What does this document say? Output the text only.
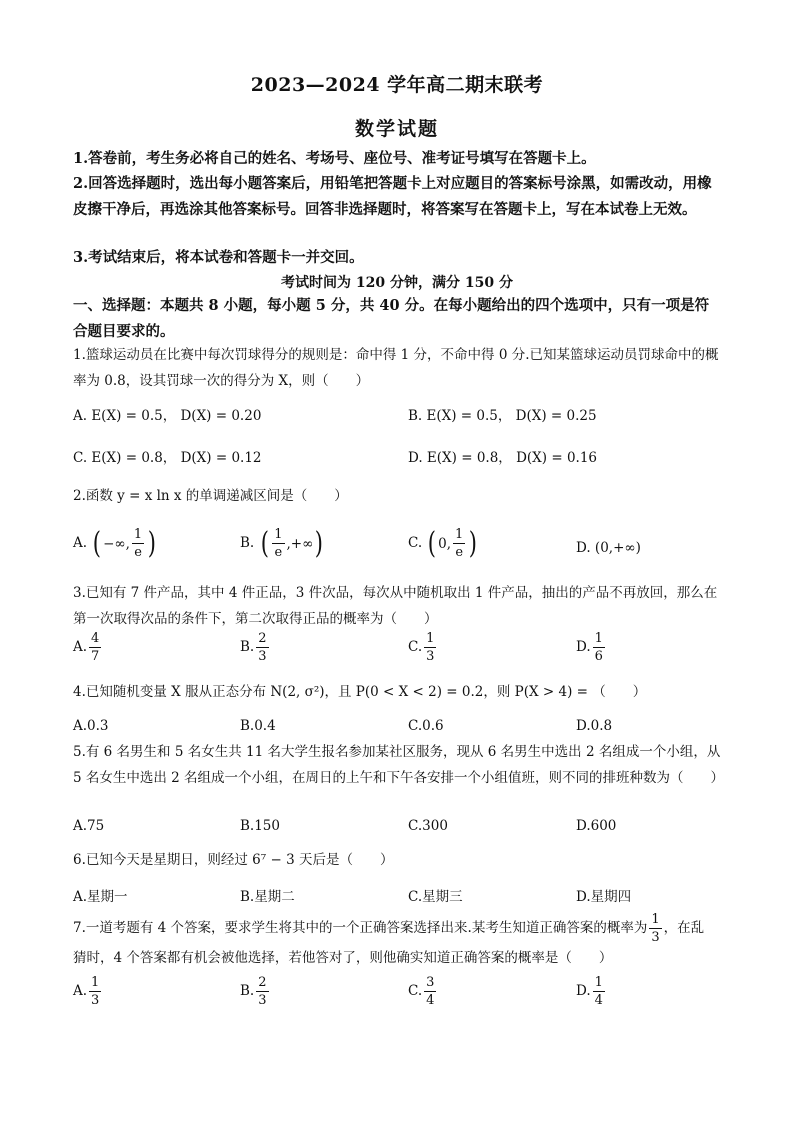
2023—2024 学年高二期末联考
数学试题
1.答卷前，考生务必将自己的姓名、考场号、座位号、准考证号填写在答题卡上。
2.回答选择题时，选出每小题答案后，用铅笔把答题卡上对应题目的答案标号涂黑，如需改动，用橡皮擦干净后，再选涂其他答案标号。回答非选择题时，将答案写在答题卡上，写在本试卷上无效。
3.考试结束后，将本试卷和答题卡一并交回。
考试时间为 120 分钟，满分 150 分
一、选择题：本题共 8 小题，每小题 5 分，共 40 分。在每小题给出的四个选项中，只有一项是符合题目要求的。
1.篮球运动员在比赛中每次罚球得分的规则是：命中得 1 分，不命中得 0 分.已知某篮球运动员罚球命中的概率为 0.8，设其罚球一次的得分为 X，则（　　）
A. E(X) = 0.5， D(X) = 0.20	B. E(X) = 0.5， D(X) = 0.25
C. E(X) = 0.8， D(X) = 0.12	D. E(X) = 0.8， D(X) = 0.16
2.函数 y = x ln x 的单调递减区间是（　　）
A. ( −∞, $\frac{1}{e}$ )	B. ( $\frac{1}{e}$ ,+∞ )	C. ( 0, $\frac{1}{e}$ )	D. (0,+∞)
3.已知有 7 件产品，其中 4 件正品，3 件次品，每次从中随机取出 1 件产品，抽出的产品不再放回，那么在第一次取得次品的条件下，第二次取得正品的概率为（　　）
A. $\frac{4}{7}$	B. $\frac{2}{3}$	C. $\frac{1}{3}$	D. $\frac{1}{6}$
4.已知随机变量 X 服从正态分布 N(2, σ²)，且 P(0 < X < 2) = 0.2，则 P(X > 4) = （　　）
A.0.3	B.0.4	C.0.6	D.0.8
5.有 6 名男生和 5 名女生共 11 名大学生报名参加某社区服务，现从 6 名男生中选出 2 名组成一个小组，从 5 名女生中选出 2 名组成一个小组，在周日的上午和下午各安排一个小组值班，则不同的排班种数为（　　）
A.75	B.150	C.300	D.600
6.已知今天是星期日，则经过 6⁷ − 3 天后是（　　）
A.星期一	B.星期二	C.星期三	D.星期四
7.一道考题有 4 个答案，要求学生将其中的一个正确答案选择出来.某考生知道正确答案的概率为 $\frac{1}{3}$ ，在乱
猜时，4 个答案都有机会被他选择，若他答对了，则他确实知道正确答案的概率是（　　）
A. $\frac{1}{3}$	B. $\frac{2}{3}$	C. $\frac{3}{4}$	D. $\frac{1}{4}$
